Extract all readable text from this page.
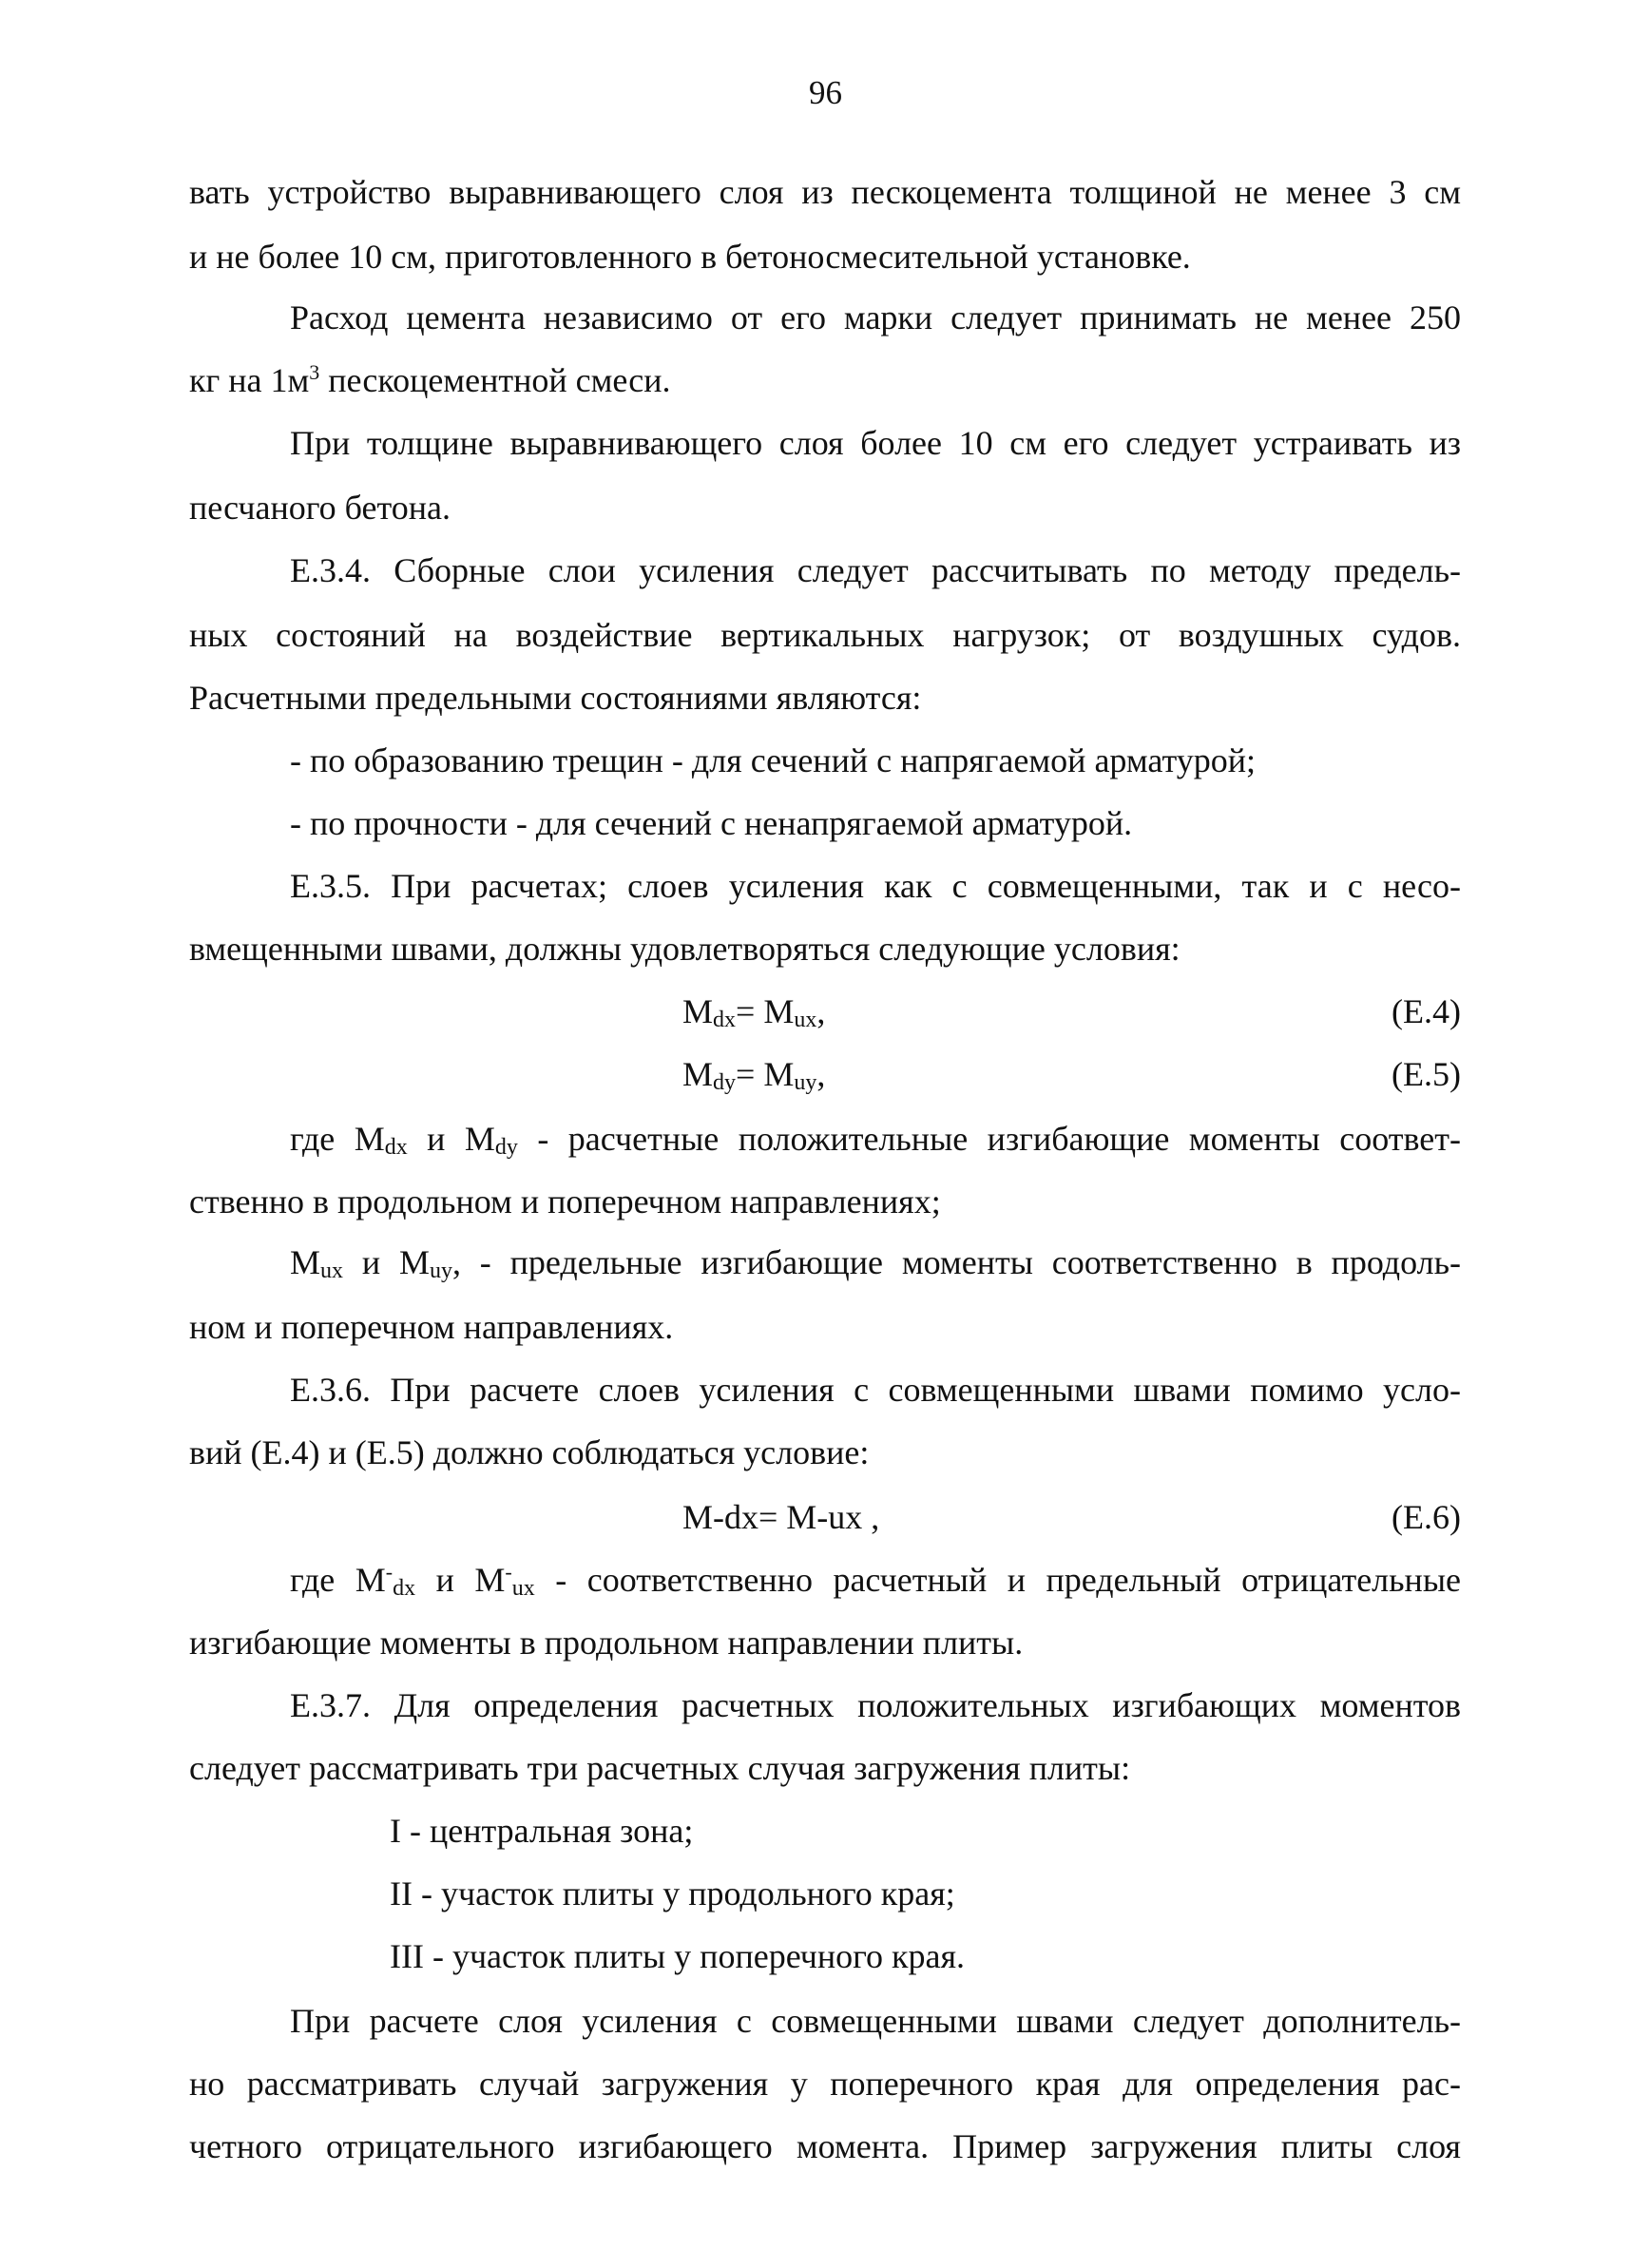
96
вать устройство выравнивающего слоя из пескоцемента толщиной не менее 3 см
и не более 10 см, приготовленного в бетоносмесительной установке.
Расход цемента независимо от его марки следует принимать не менее 250
кг на $1м^3$ пескоцементной смеси.
При толщине выравнивающего слоя более 10 см его следует устраивать из
песчаного бетона.
Е.3.4. Сборные слои усиления следует рассчитывать по методу предель-
ных состояний на воздействие вертикальных нагрузок; от воздушных судов.
Расчетными предельными состояниями являются:
- по образованию трещин - для сечений с напрягаемой арматурой;
- по прочности - для сечений с ненапрягаемой арматурой.
Е.3.5. При расчетах; слоев усиления как с совмещенными, так и с несо-
вмещенными швами, должны удовлетворяться следующие условия:
$M_{dx}= M_{ux}$,	(Е.4)
$M_{dy}= M_{uy}$,	(Е.5)
где $M_{dx}$ и $M_{dy}$ - расчетные положительные изгибающие моменты соответ-
ственно в продольном и поперечном направлениях;
$M_{ux}$ и $M_{uy}$, - предельные изгибающие моменты соответственно в продоль-
ном и поперечном направлениях.
Е.3.6. При расчете слоев усиления с совмещенными швами помимо усло-
вий (Е.4) и (Е.5) должно соблюдаться условие:
M-dx= M-ux ,	(Е.6)
где $M^-_{dx}$ и $M^-_{ux}$ - соответственно расчетный и предельный отрицательные
изгибающие моменты в продольном направлении плиты.
Е.3.7. Для определения расчетных положительных изгибающих моментов
следует рассматривать три расчетных случая загружения плиты:
I - центральная зона;
II - участок плиты у продольного края;
III - участок плиты у поперечного края.
При расчете слоя усиления с совмещенными швами следует дополнитель-
но рассматривать случай загружения у поперечного края для определения рас-
четного отрицательного изгибающего момента. Пример загружения плиты слоя
